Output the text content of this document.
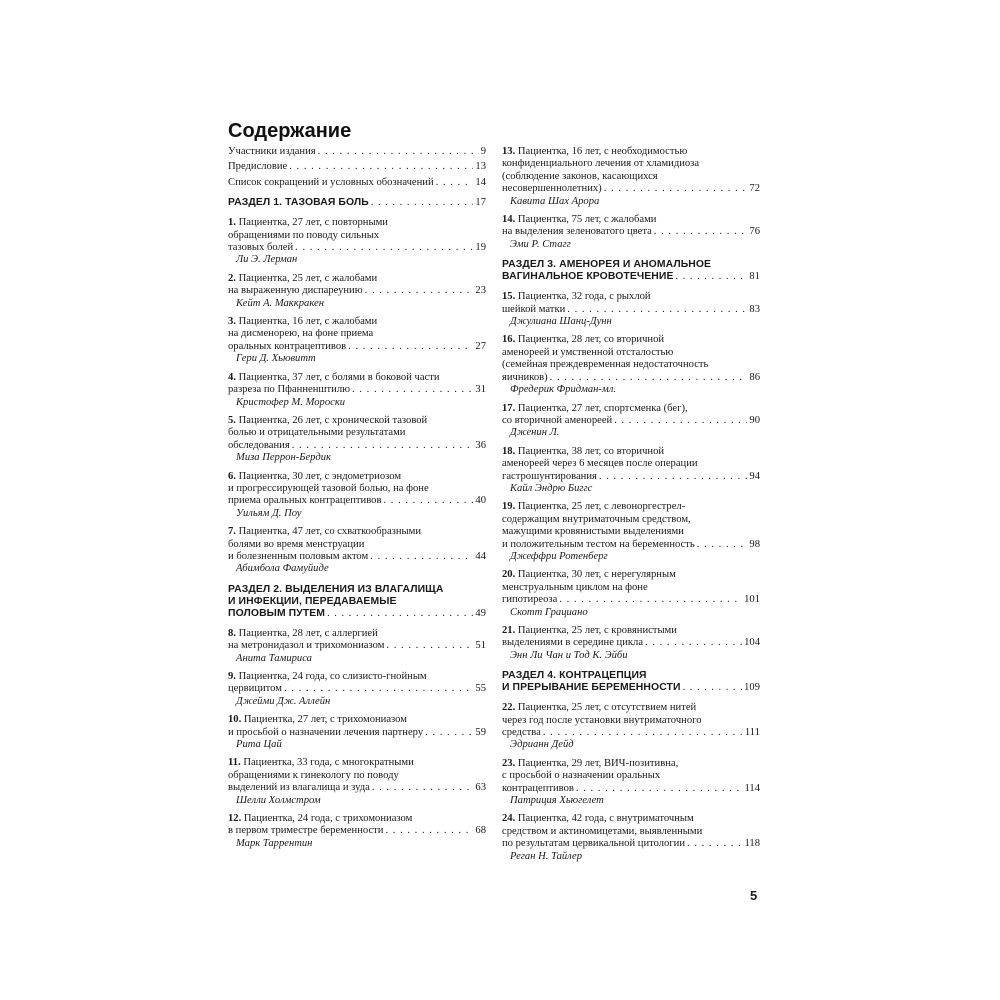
Содержание
Участники издания . . .	9
Предисловие . . .	13
Список сокращений и условных обозначений . . .	14
РАЗДЕЛ 1. ТАЗОВАЯ БОЛЬ . . .	17
1.
Пациентка, 27 лет, с повторными
обращениями по поводу сильных
тазовых болей . . .	19
Ли Э. Лерман
2.
Пациентка, 25 лет, с жалобами
на выраженную диспареунию . . .	23
Кейт А. Маккракен
3.
Пациентка, 16 лет, с жалобами
на дисменорею, на фоне приема
оральных контрацептивов . . .	27
Гери Д. Хьювитт
4.
Пациентка, 37 лет, с болями в боковой части
разреза по Пфанненштилю . . .	31
Кристофер М. Мороски
5.
Пациентка, 26 лет, с хронической тазовой
болью и отрицательными результатами
обследования . . .	36
Миза Перрон-Бердик
6.
Пациентка, 30 лет, с эндометриозом
и прогрессирующей тазовой болью, на фоне
приема оральных контрацептивов . . .	40
Уильям Д. Поу
7.
Пациентка, 47 лет, со схваткообразными
болями во время менструации
и болезненным половым актом . . .	44
Абимбола Фамуйиде
РАЗДЕЛ 2. ВЫДЕЛЕНИЯ ИЗ ВЛАГАЛИЩА
И ИНФЕКЦИИ, ПЕРЕДАВАЕМЫЕ
ПОЛОВЫМ ПУТЕМ . . .	49
8.
Пациентка, 28 лет, с аллергией
на метронидазол и трихомониазом . . .	51
Анита Тамириса
9.
Пациентка, 24 года, со слизисто-гнойным
цервицитом . . .	55
Джейми Дж. Аллейн
10.
Пациентка, 27 лет, с трихомониазом
и просьбой о назначении лечения партнеру . . .	59
Рита Цай
11.
Пациентка, 33 года, с многократными
обращениями к гинекологу по поводу
выделений из влагалища и зуда . . .	63
Шелли Холмстром
12.
Пациентка, 24 года, с трихомониазом
в первом триместре беременности . . .	68
Марк Таррентин
13.
Пациентка, 16 лет, с необходимостью
конфиденциального лечения от хламидиоза
(соблюдение законов, касающихся
несовершеннолетних) . . .	72
Кавита Шах Арора
14.
Пациентка, 75 лет, с жалобами
на выделения зеленоватого цвета . . .	76
Эми Р. Стагг
РАЗДЕЛ 3. АМЕНОРЕЯ И АНОМАЛЬНОЕ
ВАГИНАЛЬНОЕ КРОВОТЕЧЕНИЕ . . .	81
15.
Пациентка, 32 года, с рыхлой
шейкой матки . . .	83
Джулиана Шанц-Дунн
16.
Пациентка, 28 лет, со вторичной
аменореей и умственной отсталостью
(семейная преждевременная недостаточность
яичников) . . .	86
Фредерик Фридман-мл.
17.
Пациентка, 27 лет, спортсменка (бег),
со вторичной аменореей . . .	90
Дженин Л.
18.
Пациентка, 38 лет, со вторичной
аменореей через 6 месяцев после операции
гастрошунтирования . . .	94
Кайл Эндрю Биггс
19.
Пациентка, 25 лет, с левоноргестрел-
содержащим внутриматочным средством,
мажущими кровянистыми выделениями
и положительным тестом на беременность . . .	98
Джеффри Ротенберг
20.
Пациентка, 30 лет, с нерегулярным
менструальным циклом на фоне
гипотиреоза . . .	101
Скотт Грациано
21.
Пациентка, 25 лет, с кровянистыми
выделениями в середине цикла . . .	104
Энн Ли Чан и Тод К. Эйби
РАЗДЕЛ 4. КОНТРАЦЕПЦИЯ
И ПРЕРЫВАНИЕ БЕРЕМЕННОСТИ . . .	109
22.
Пациентка, 25 лет, с отсутствием нитей
через год после установки внутриматочного
средства . . .	111
Эдрианн Дейд
23.
Пациентка, 29 лет, ВИЧ-позитивна,
с просьбой о назначении оральных
контрацептивов . . .	114
Патриция Хьюгелет
24.
Пациентка, 42 года, с внутриматочным
средством и актиномицетами, выявленными
по результатам цервикальной цитологии . . .	118
Реган Н. Тайлер
5
